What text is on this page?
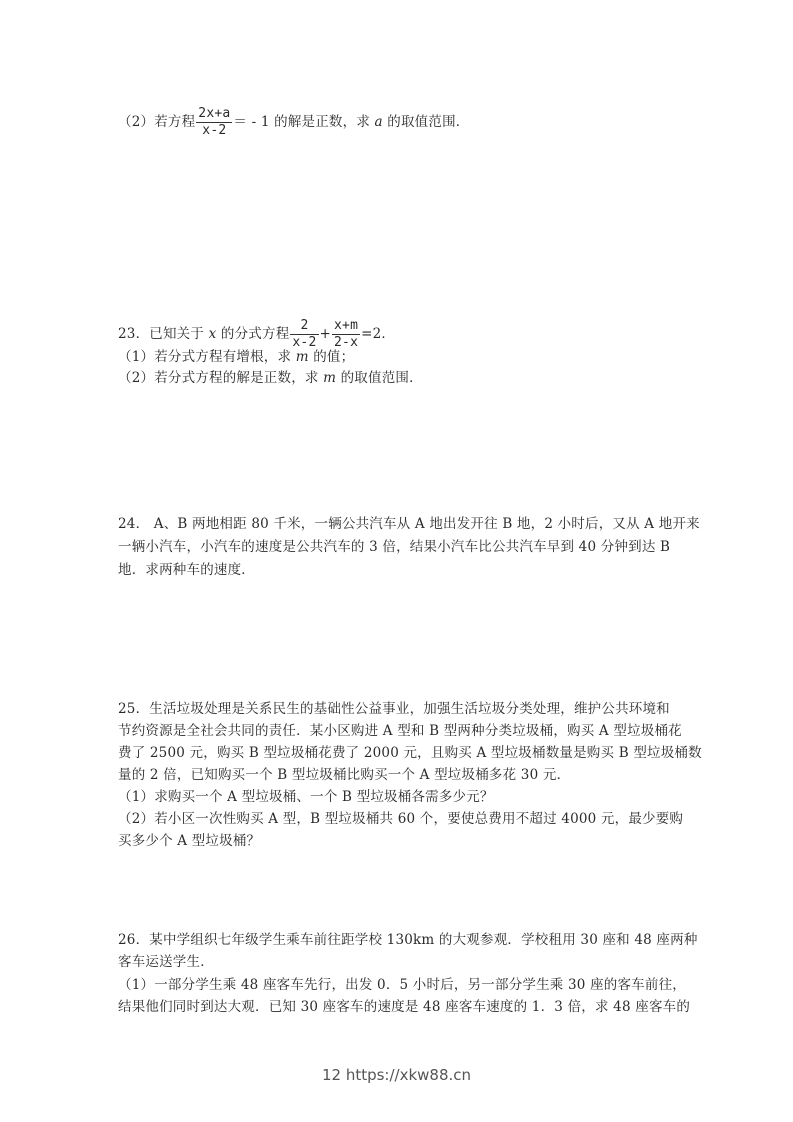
（2）若方程 $\frac{2x+a}{x-2}$ ＝ - 1 的解是正数，求 a 的取值范围．
23．已知关于 x 的分式方程 $\frac{2}{x-2} + \frac{x+m}{2-x} =2$．
（1）若分式方程有增根，求 m 的值；
（2）若分式方程的解是正数，求 m 的取值范围．
24． A、B 两地相距 80 千米，一辆公共汽车从 A 地出发开往 B 地，2 小时后，又从 A 地开来
一辆小汽车，小汽车的速度是公共汽车的 3 倍，结果小汽车比公共汽车早到 40 分钟到达 B
地．求两种车的速度．
25．生活垃圾处理是关系民生的基础性公益事业，加强生活垃圾分类处理，维护公共环境和
节约资源是全社会共同的责任．某小区购进 A 型和 B 型两种分类垃圾桶，购买 A 型垃圾桶花
费了 2500 元，购买 B 型垃圾桶花费了 2000 元，且购买 A 型垃圾桶数量是购买 B 型垃圾桶数
量的 2 倍，已知购买一个 B 型垃圾桶比购买一个 A 型垃圾桶多花 30 元．
（1）求购买一个 A 型垃圾桶、一个 B 型垃圾桶各需多少元？
（2）若小区一次性购买 A 型，B 型垃圾桶共 60 个，要使总费用不超过 4000 元，最少要购
买多少个 A 型垃圾桶？
26．某中学组织七年级学生乘车前往距学校 130km 的大观参观．学校租用 30 座和 48 座两种
客车运送学生．
（1）一部分学生乘 48 座客车先行，出发 0．5 小时后，另一部分学生乘 30 座的客车前往，
结果他们同时到达大观．已知 30 座客车的速度是 48 座客车速度的 1．3 倍，求 48 座客车的
12 https://xkw88.cn
